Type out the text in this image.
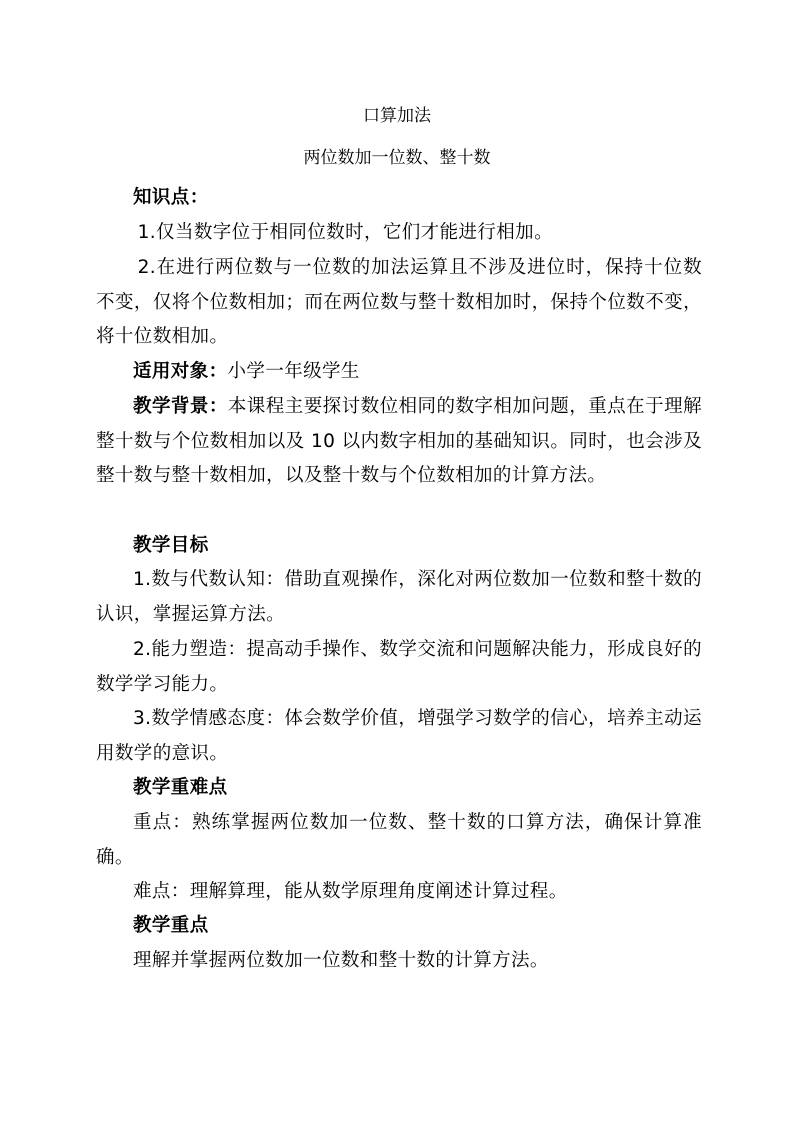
口算加法
两位数加一位数、整十数

知识点：

1.仅当数字位于相同位数时，它们才能进行相加。

2.在进行两位数与一位数的加法运算且不涉及进位时，保持十位数不变，仅将个位数相加；而在两位数与整十数相加时，保持个位数不变，将十位数相加。

适用对象：小学一年级学生

教学背景：本课程主要探讨数位相同的数字相加问题，重点在于理解整十数与个位数相加以及 10 以内数字相加的基础知识。同时，也会涉及整十数与整十数相加，以及整十数与个位数相加的计算方法。

教学目标

1.数与代数认知：借助直观操作，深化对两位数加一位数和整十数的认识，掌握运算方法。

2.能力塑造：提高动手操作、数学交流和问题解决能力，形成良好的数学学习能力。

3.数学情感态度：体会数学价值，增强学习数学的信心，培养主动运用数学的意识。

教学重难点

重点：熟练掌握两位数加一位数、整十数的口算方法，确保计算准确。

难点：理解算理，能从数学原理角度阐述计算过程。

教学重点

理解并掌握两位数加一位数和整十数的计算方法。
